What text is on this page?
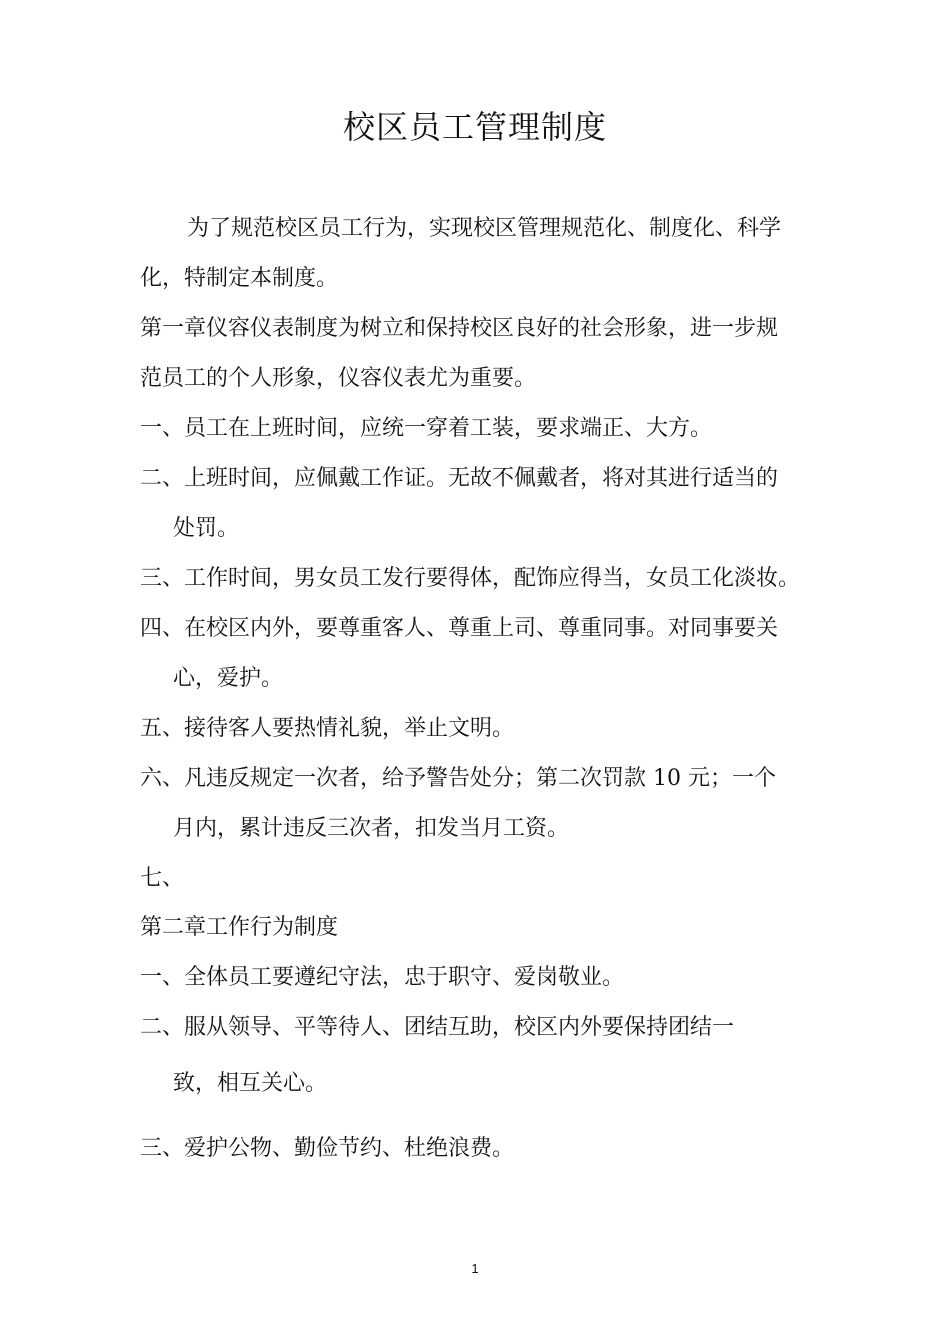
校区员工管理制度
为了规范校区员工行为，实现校区管理规范化、制度化、科学
化，特制定本制度。
第一章仪容仪表制度为树立和保持校区良好的社会形象，进一步规
范员工的个人形象，仪容仪表尤为重要。
一、员工在上班时间，应统一穿着工装，要求端正、大方。
二、上班时间，应佩戴工作证。无故不佩戴者，将对其进行适当的
处罚。
三、工作时间，男女员工发行要得体，配饰应得当，女员工化淡妆。
四、在校区内外，要尊重客人、尊重上司、尊重同事。对同事要关
心，爱护。
五、接待客人要热情礼貌，举止文明。
六、凡违反规定一次者，给予警告处分；第二次罚款 10 元；一个
月内，累计违反三次者，扣发当月工资。
七、
第二章工作行为制度
一、全体员工要遵纪守法，忠于职守、爱岗敬业。
二、服从领导、平等待人、团结互助，校区内外要保持团结一
致，相互关心。
三、爱护公物、勤俭节约、杜绝浪费。
1
